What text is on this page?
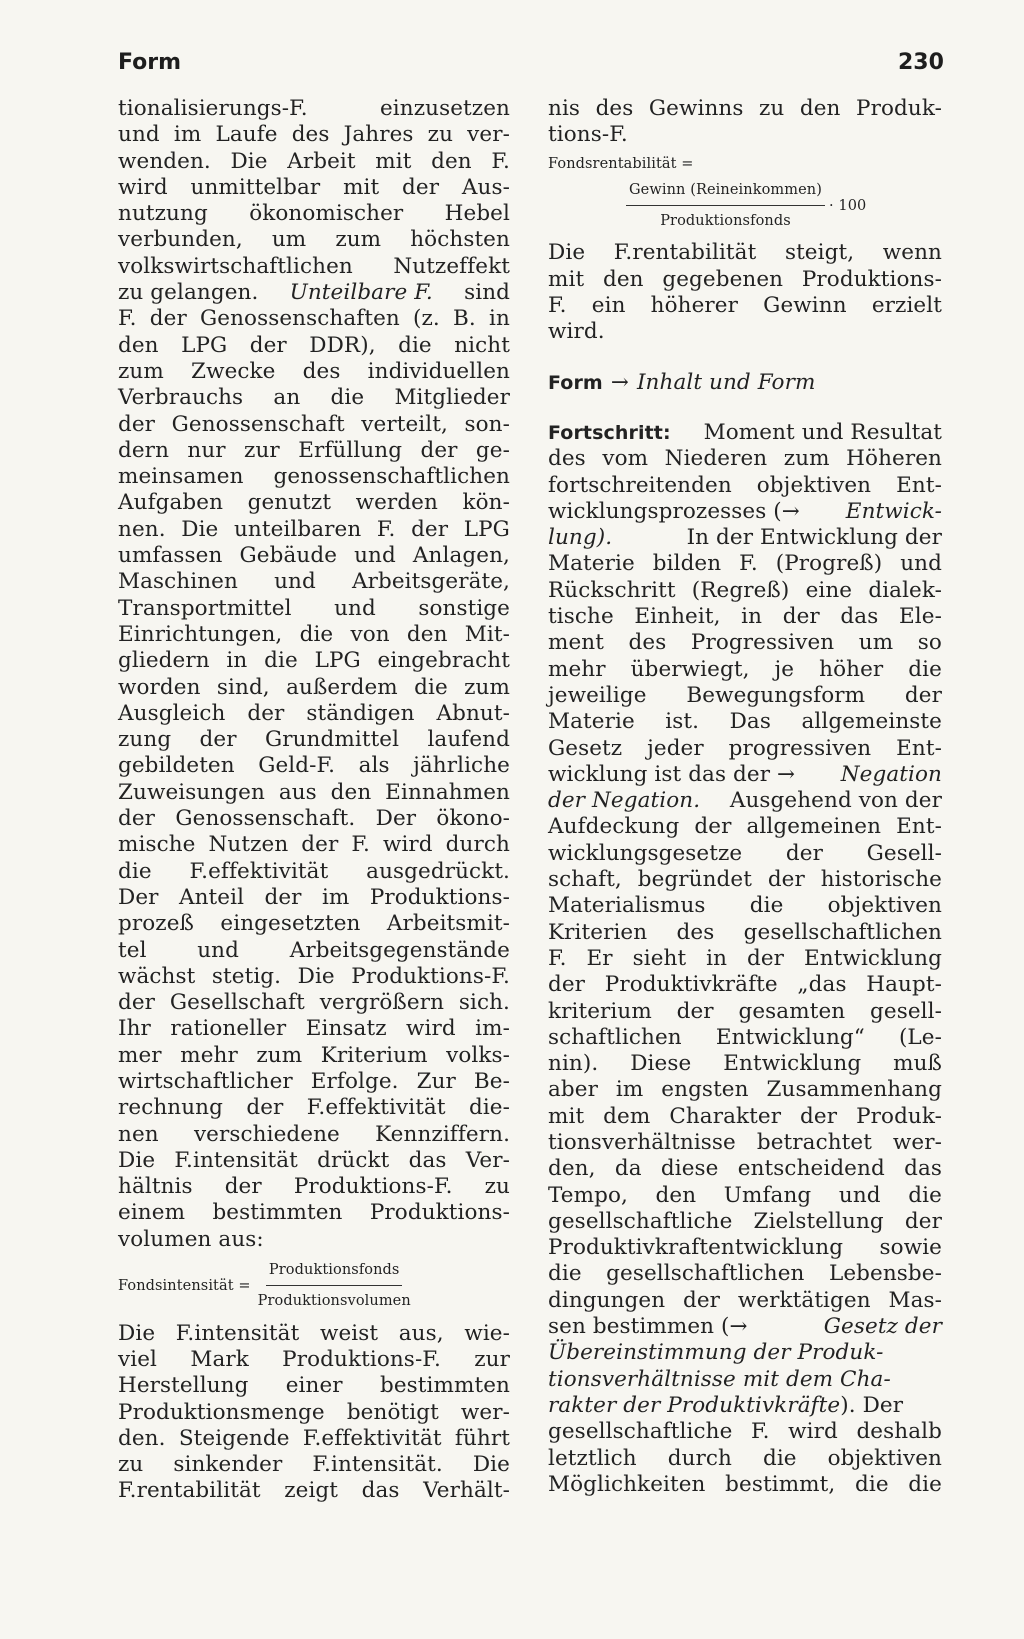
Form	230
tionalisierungs-F.	einzusetzen
und im Laufe des Jahres zu ver-
wenden. Die Arbeit mit den F.
wird unmittelbar mit der Aus-
nutzung ökonomischer Hebel
verbunden, um zum höchsten
volkswirtschaftlichen Nutzeffekt
zu gelangen. Unteilbare F. sind
F. der Genossenschaften (z. B. in
den LPG der DDR), die nicht
zum Zwecke des individuellen
Verbrauchs an die Mitglieder
der Genossenschaft verteilt, son-
dern nur zur Erfüllung der ge-
meinsamen genossenschaftlichen
Aufgaben genutzt werden kön-
nen. Die unteilbaren F. der LPG
umfassen Gebäude und Anlagen,
Maschinen und Arbeitsgeräte,
Transportmittel und sonstige
Einrichtungen, die von den Mit-
gliedern in die LPG eingebracht
worden sind, außerdem die zum
Ausgleich der ständigen Abnut-
zung der Grundmittel laufend
gebildeten Geld-F. als jährliche
Zuweisungen aus den Einnahmen
der Genossenschaft. Der ökono-
mische Nutzen der F. wird durch
die F.effektivität ausgedrückt.
Der Anteil der im Produktions-
prozeß eingesetzten Arbeitsmit-
tel und Arbeitsgegenstände
wächst stetig. Die Produktions-F.
der Gesellschaft vergrößern sich.
Ihr rationeller Einsatz wird im-
mer mehr zum Kriterium volks-
wirtschaftlicher Erfolge. Zur Be-
rechnung der F.effektivität die-
nen verschiedene Kennziffern.
Die F.intensität drückt das Ver-
hältnis der Produktions-F. zu
einem bestimmten Produktions-
volumen aus:
Fondsintensität = $\frac{\text{Produktionsfonds}}{\text{Produktionsvolumen}}$
Die F.intensität weist aus, wie-
viel Mark Produktions-F. zur
Herstellung einer bestimmten
Produktionsmenge benötigt wer-
den. Steigende F.effektivität führt
zu sinkender F.intensität. Die
F.rentabilität zeigt das Verhält-
nis des Gewinns zu den Produk-
tions-F.
Fondsrentabilität =
$\frac{\text{Gewinn (Reineinkommen)}}{\text{Produktionsfonds}} \cdot 100$
Die F.rentabilität steigt, wenn
mit den gegebenen Produktions-
F. ein höherer Gewinn erzielt
wird.
Form → Inhalt und Form
Fortschritt: Moment und Resultat
des vom Niederen zum Höheren
fortschreitenden objektiven Ent-
wicklungsprozesses (→ Entwick-
lung).	In der Entwicklung der
Materie bilden F. (Progreß) und
Rückschritt (Regreß) eine dialek-
tische Einheit, in der das Ele-
ment des Progressiven um so
mehr überwiegt, je höher die
jeweilige Bewegungsform der
Materie ist. Das allgemeinste
Gesetz jeder progressiven Ent-
wicklung ist das der → Negation
der Negation. Ausgehend von der
Aufdeckung der allgemeinen Ent-
wicklungsgesetze der Gesell-
schaft, begründet der historische
Materialismus die objektiven
Kriterien des gesellschaftlichen
F. Er sieht in der Entwicklung
der Produktivkräfte „das Haupt-
kriterium der gesamten gesell-
schaftlichen Entwicklung“ (Le-
nin). Diese Entwicklung muß
aber im engsten Zusammenhang
mit dem Charakter der Produk-
tionsverhältnisse betrachtet wer-
den, da diese entscheidend das
Tempo, den Umfang und die
gesellschaftliche Zielstellung der
Produktivkraftentwicklung sowie
die gesellschaftlichen Lebensbe-
dingungen der werktätigen Mas-
sen bestimmen (→	Gesetz der
Übereinstimmung der Produk-
tionsverhältnisse mit dem Cha-
rakter der Produktivkräfte). Der
gesellschaftliche F. wird deshalb
letztlich durch die objektiven
Möglichkeiten bestimmt, die die
